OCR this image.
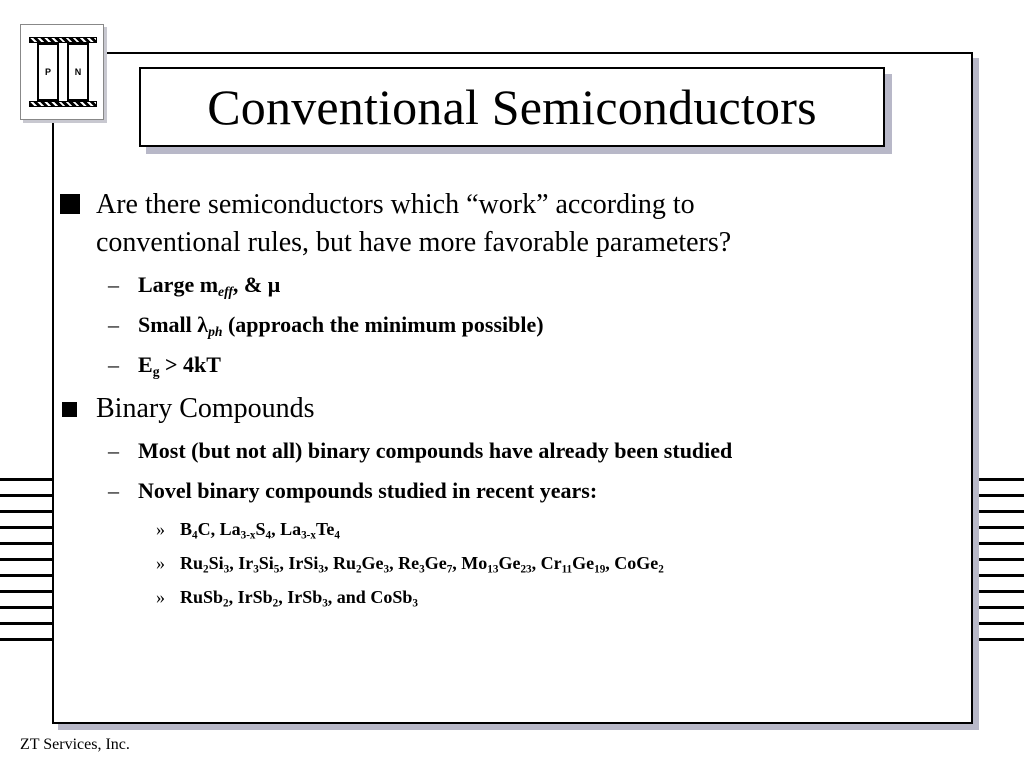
P	N
Conventional Semiconductors
Are there semiconductors which “work” according to
conventional rules, but have more favorable parameters?
– Large $m_{eff}$, & μ
– Small $\lambda_{ph}$ (approach the minimum possible)
– $E_g > 4kT$
Binary Compounds
– Most (but not all) binary compounds have already been studied
– Novel binary compounds studied in recent years:
» $B_4C$, $La_{3-x}S_4$, $La_{3-x}Te_4$
» $Ru_2Si_3$, $Ir_3Si_5$, IrSi$_3$, $Ru_2Ge_3$, $Re_3Ge_7$, $Mo_{13}Ge_{23}$, $Cr_{11}Ge_{19}$, CoGe$_2$
» RuSb$_2$, IrSb$_2$, IrSb$_3$, and CoSb$_3$
ZT Services, Inc.
